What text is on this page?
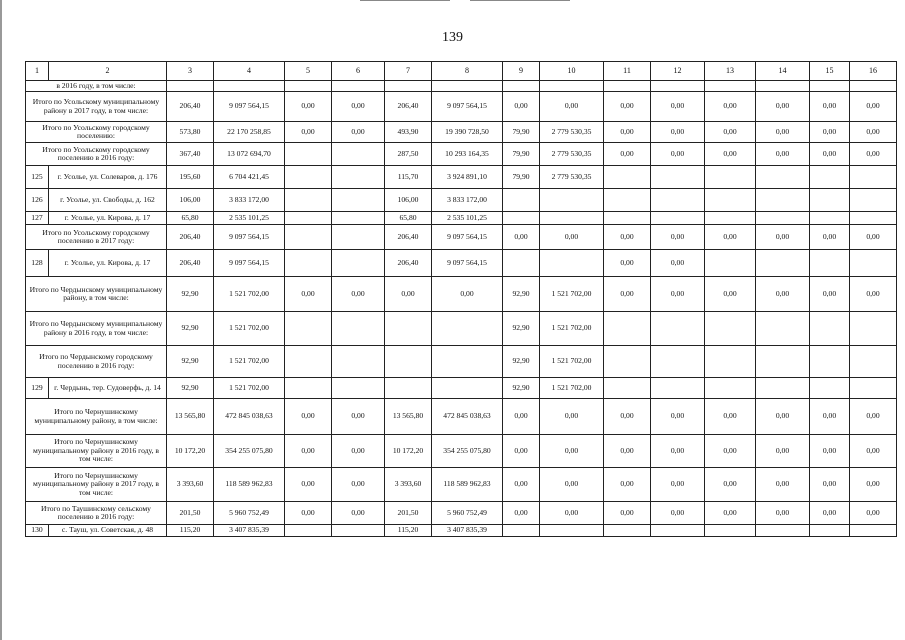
139
1	2	3	4	5	6	7	8	9	10	11	12	13	14	15	16
в 2016 году, в том числе:															
Итого по Усольскому муниципальному району в 2017 году, в том числе:		206,40	9 097 564,15	0,00	0,00	206,40	9 097 564,15	0,00	0,00	0,00	0,00	0,00	0,00	0,00	0,00
Итого по Усольскому городскому поселению:		573,80	22 170 258,85	0,00	0,00	493,90	19 390 728,50	79,90	2 779 530,35	0,00	0,00	0,00	0,00	0,00	0,00
Итого по Усольскому городскому поселению в 2016 году:		367,40	13 072 694,70			287,50	10 293 164,35	79,90	2 779 530,35	0,00	0,00	0,00	0,00	0,00	0,00
125	г. Усолье, ул. Солеваров, д. 176	195,60	6 704 421,45			115,70	3 924 891,10	79,90	2 779 530,35						
126	г. Усолье, ул. Свободы, д. 162	106,00	3 833 172,00			106,00	3 833 172,00								
127	г. Усолье, ул. Кирова, д. 17	65,80	2 535 101,25			65,80	2 535 101,25								
Итого по Усольскому городскому поселению в 2017 году:		206,40	9 097 564,15			206,40	9 097 564,15	0,00	0,00	0,00	0,00	0,00	0,00	0,00	0,00
128	г. Усолье, ул. Кирова, д. 17	206,40	9 097 564,15			206,40	9 097 564,15			0,00	0,00				
Итого по Чердынскому муниципальному району, в том числе:		92,90	1 521 702,00	0,00	0,00	0,00	0,00	92,90	1 521 702,00	0,00	0,00	0,00	0,00	0,00	0,00
Итого по Чердынскому муниципальному району в 2016 году, в том числе:		92,90	1 521 702,00					92,90	1 521 702,00						
Итого по Чердынскому городскому поселению в 2016 году:		92,90	1 521 702,00					92,90	1 521 702,00						
129	г. Чердынь, тер. Судоверфь, д. 14	92,90	1 521 702,00					92,90	1 521 702,00						
Итого по Чернушинскому муниципальному району, в том числе:		13 565,80	472 845 038,63	0,00	0,00	13 565,80	472 845 038,63	0,00	0,00	0,00	0,00	0,00	0,00	0,00	0,00
Итого по Чернушинскому муниципальному району в 2016 году, в том числе:		10 172,20	354 255 075,80	0,00	0,00	10 172,20	354 255 075,80	0,00	0,00	0,00	0,00	0,00	0,00	0,00	0,00
Итого по Чернушинскому муниципальному району в 2017 году, в том числе:		3 393,60	118 589 962,83	0,00	0,00	3 393,60	118 589 962,83	0,00	0,00	0,00	0,00	0,00	0,00	0,00	0,00
Итого по Таушинскому сельскому поселению в 2016 году:		201,50	5 960 752,49	0,00	0,00	201,50	5 960 752,49	0,00	0,00	0,00	0,00	0,00	0,00	0,00	0,00
130	с. Тауш, ул. Советская, д. 48	115,20	3 407 835,39			115,20	3 407 835,39								
